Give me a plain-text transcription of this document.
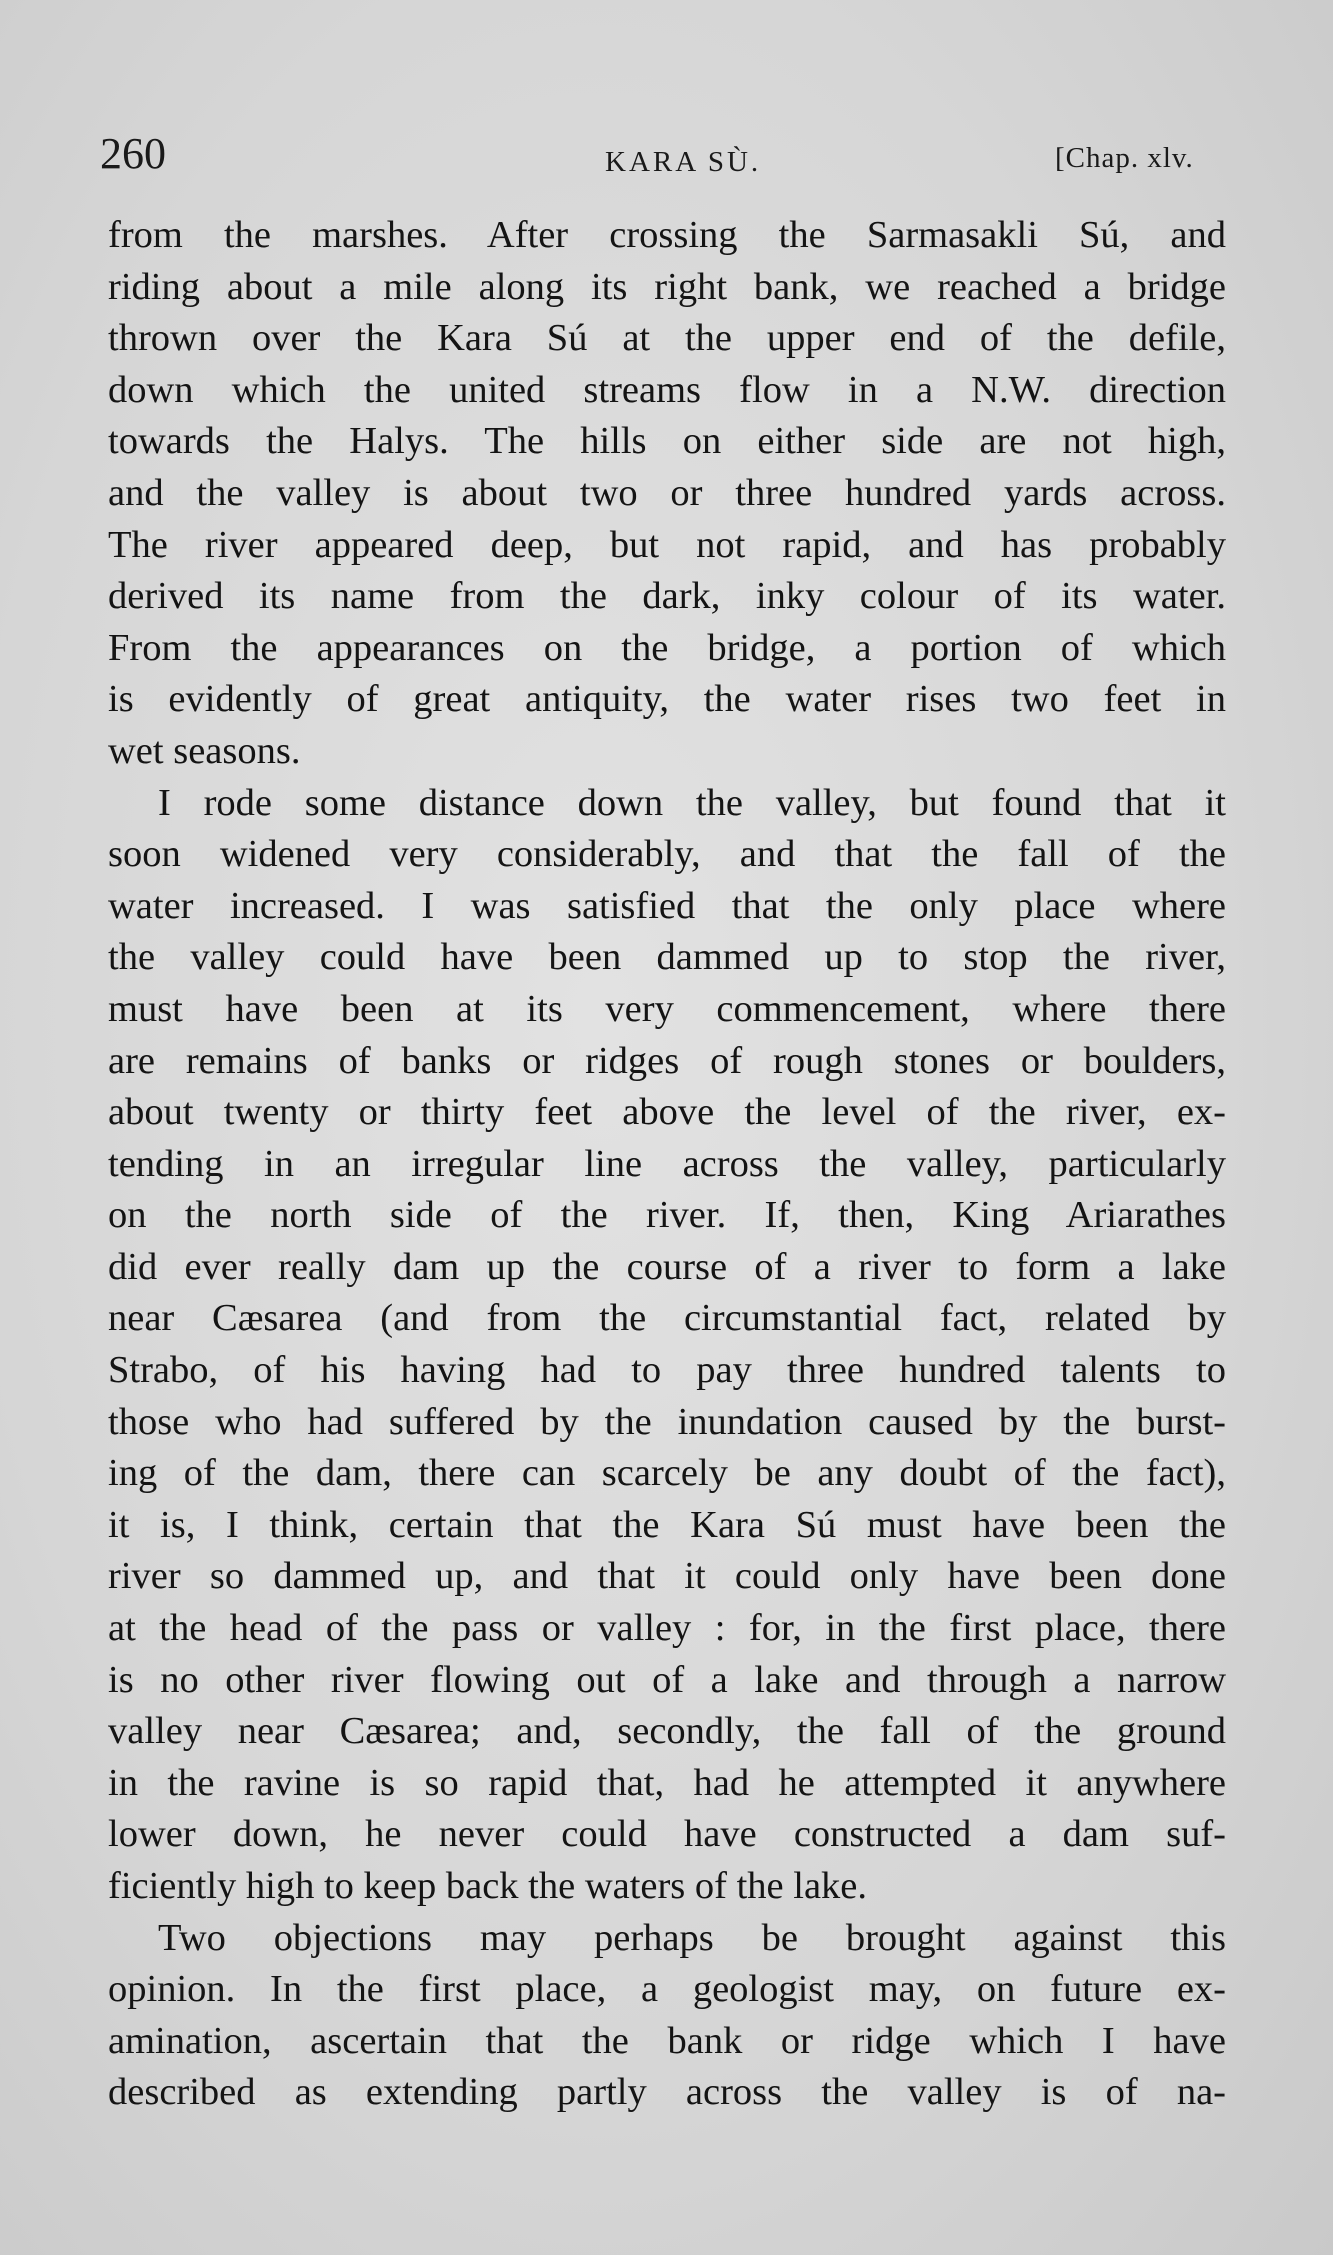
260	KARA SÙ.	[Chap. xlv.
from the marshes. After crossing the Sarmasakli Sú, and
riding about a mile along its right bank, we reached a bridge
thrown over the Kara Sú at the upper end of the defile,
down which the united streams flow in a N.W. direction
towards the Halys. The hills on either side are not high,
and the valley is about two or three hundred yards across.
The river appeared deep, but not rapid, and has probably
derived its name from the dark, inky colour of its water.
From the appearances on the bridge, a portion of which
is evidently of great antiquity, the water rises two feet in
wet seasons.
I rode some distance down the valley, but found that it
soon widened very considerably, and that the fall of the
water increased. I was satisfied that the only place where
the valley could have been dammed up to stop the river,
must have been at its very commencement, where there
are remains of banks or ridges of rough stones or boulders,
about twenty or thirty feet above the level of the river, ex-
tending in an irregular line across the valley, particularly
on the north side of the river. If, then, King Ariarathes
did ever really dam up the course of a river to form a lake
near Cæsarea (and from the circumstantial fact, related by
Strabo, of his having had to pay three hundred talents to
those who had suffered by the inundation caused by the burst-
ing of the dam, there can scarcely be any doubt of the fact),
it is, I think, certain that the Kara Sú must have been the
river so dammed up, and that it could only have been done
at the head of the pass or valley : for, in the first place, there
is no other river flowing out of a lake and through a narrow
valley near Cæsarea; and, secondly, the fall of the ground
in the ravine is so rapid that, had he attempted it anywhere
lower down, he never could have constructed a dam suf-
ficiently high to keep back the waters of the lake.
Two objections may perhaps be brought against this
opinion. In the first place, a geologist may, on future ex-
amination, ascertain that the bank or ridge which I have
described as extending partly across the valley is of na-
